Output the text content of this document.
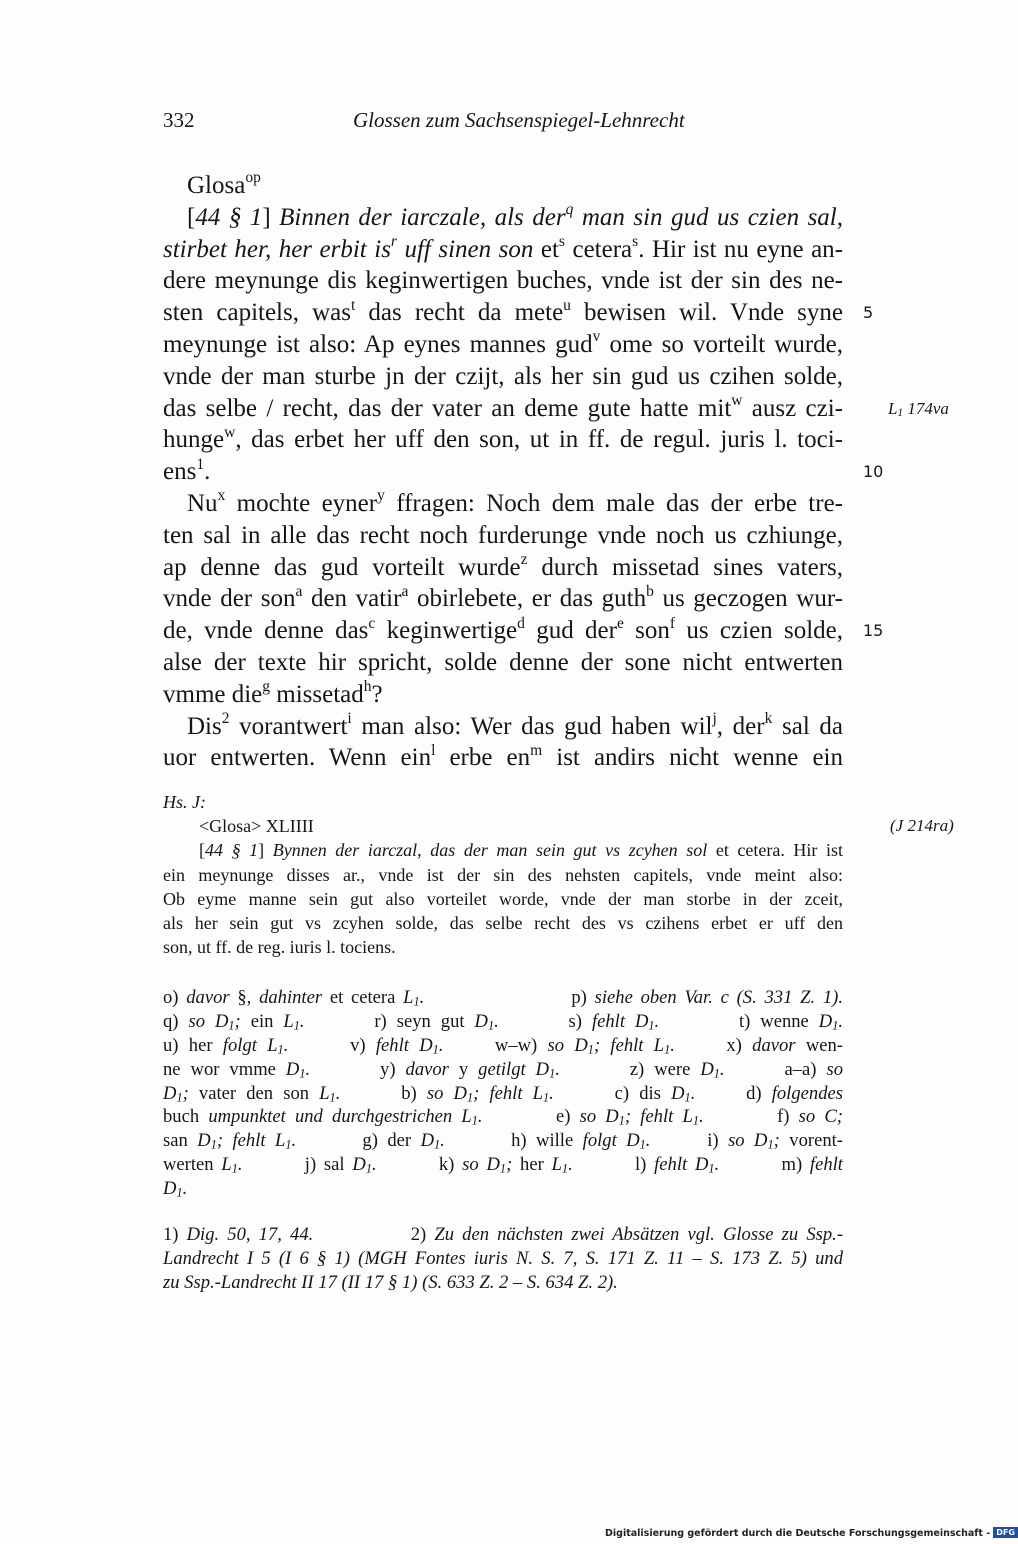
332	Glossen zum Sachsenspiegel-Lehnrecht
Glosa$^{op}$
[44 § 1] Binnen der iarczale, als der$^q$ man sin gud us czien sal,
stirbet her, her erbit $is^r$ uff sinen son $et^s$ cetera$^s$. Hir ist nu eyne an-
dere meynunge dis keginwertigen buches, vnde ist der sin des ne-
sten capitels, was$^t$ das recht da mete$^u$ bewisen wil. Vnde syne 5
meynunge ist also: Ap eynes mannes gud$^v$ ome so vorteilt wurde,
vnde der man sturbe jn der czijt, als her sin gud us czihen solde,
das selbe / recht, das der vater an deme gute hatte mit$^w$ ausz czi-	$L_1$ 174va
hunge$^w$, das erbet her uff den son, ut in ff. de regul. juris l. toci-
ens$^1$.	10
Nu$^x$ mochte eyner$^y$ ffragen: Noch dem male das der erbe tre-
ten sal in alle das recht noch furderunge vnde noch us czhiunge,
ap denne das gud vorteilt wurde$^z$ durch missetad sines vaters,
vnde der son$^a$ den vatir$^a$ obirlebete, er das guth$^b$ us geczogen wur-
de, vnde denne das$^c$ keginwertige$^d$ gud der$^e$ son$^f$ us czien solde, 15
alse der texte hir spricht, solde denne der sone nicht entwerten
vmme die$^g$ missetad$^h$?
Dis$^2$ vorantwert$^i$ man also: Wer das gud haben wil$^j$, der$^k$ sal da
uor entwerten. Wenn ein$^l$ erbe $en^m$ ist andirs nicht wenne ein
Hs. J:
<Glosa> XLIIII	(J 214ra)
[44 § 1] Bynnen der iarczal, das der man sein gut vs zcyhen sol et cetera. Hir ist
ein meynunge disses ar., vnde ist der sin des nehsten capitels, vnde meint also:
Ob eyme manne sein gut also vorteilet worde, vnde der man storbe in der zceit,
als her sein gut vs zcyhen solde, das selbe recht des vs czihens erbet er uff den
son, ut ff. de reg. iuris l. tociens.
o) davor §, dahinter et cetera $L_1$.                   p) siehe oben Var. c (S. 331 Z. 1).
q) so $D_1$; ein $L_1$.       r) seyn gut $D_1$.       s) fehlt $D_1$.        t) wenne $D_1$.
u) her folgt $L_1$.      v) fehlt $D_1$.     w–w) so $D_1$; fehlt $L_1$.     x) davor wen-
ne wor vmme $D_1$.       y) davor y getilgt $D_1$.       z) were $D_1$.      a–a) so
$D_1$; vater den son $L_1$.      b) so $D_1$; fehlt $L_1$.      c) dis $D_1$.     d) folgendes
buch umpunktet und durchgestrichen $L_1$.        e) so $D_1$; fehlt $L_1$.        f) so C;
san $D_1$; fehlt $L_1$.       g) der $D_1$.       h) wille folgt $D_1$.      i) so $D_1$; vorent-
werten $L_1$.        j) sal $D_1$.        k) so $D_1$; her $L_1$.        l) fehlt $D_1$.        m) fehlt
$D_1$.
1) Dig. 50, 17, 44.            2) Zu den nächsten zwei Absätzen vgl. Glosse zu Ssp.-
Landrecht I 5 (I 6 § 1) (MGH Fontes iuris N. S. 7, S. 171 Z. 11 – S. 173 Z. 5) und
zu Ssp.-Landrecht II 17 (II 17 § 1) (S. 633 Z. 2 – S. 634 Z. 2).
Digitalisierung gefördert durch die Deutsche Forschungsgemeinschaft - DFG
